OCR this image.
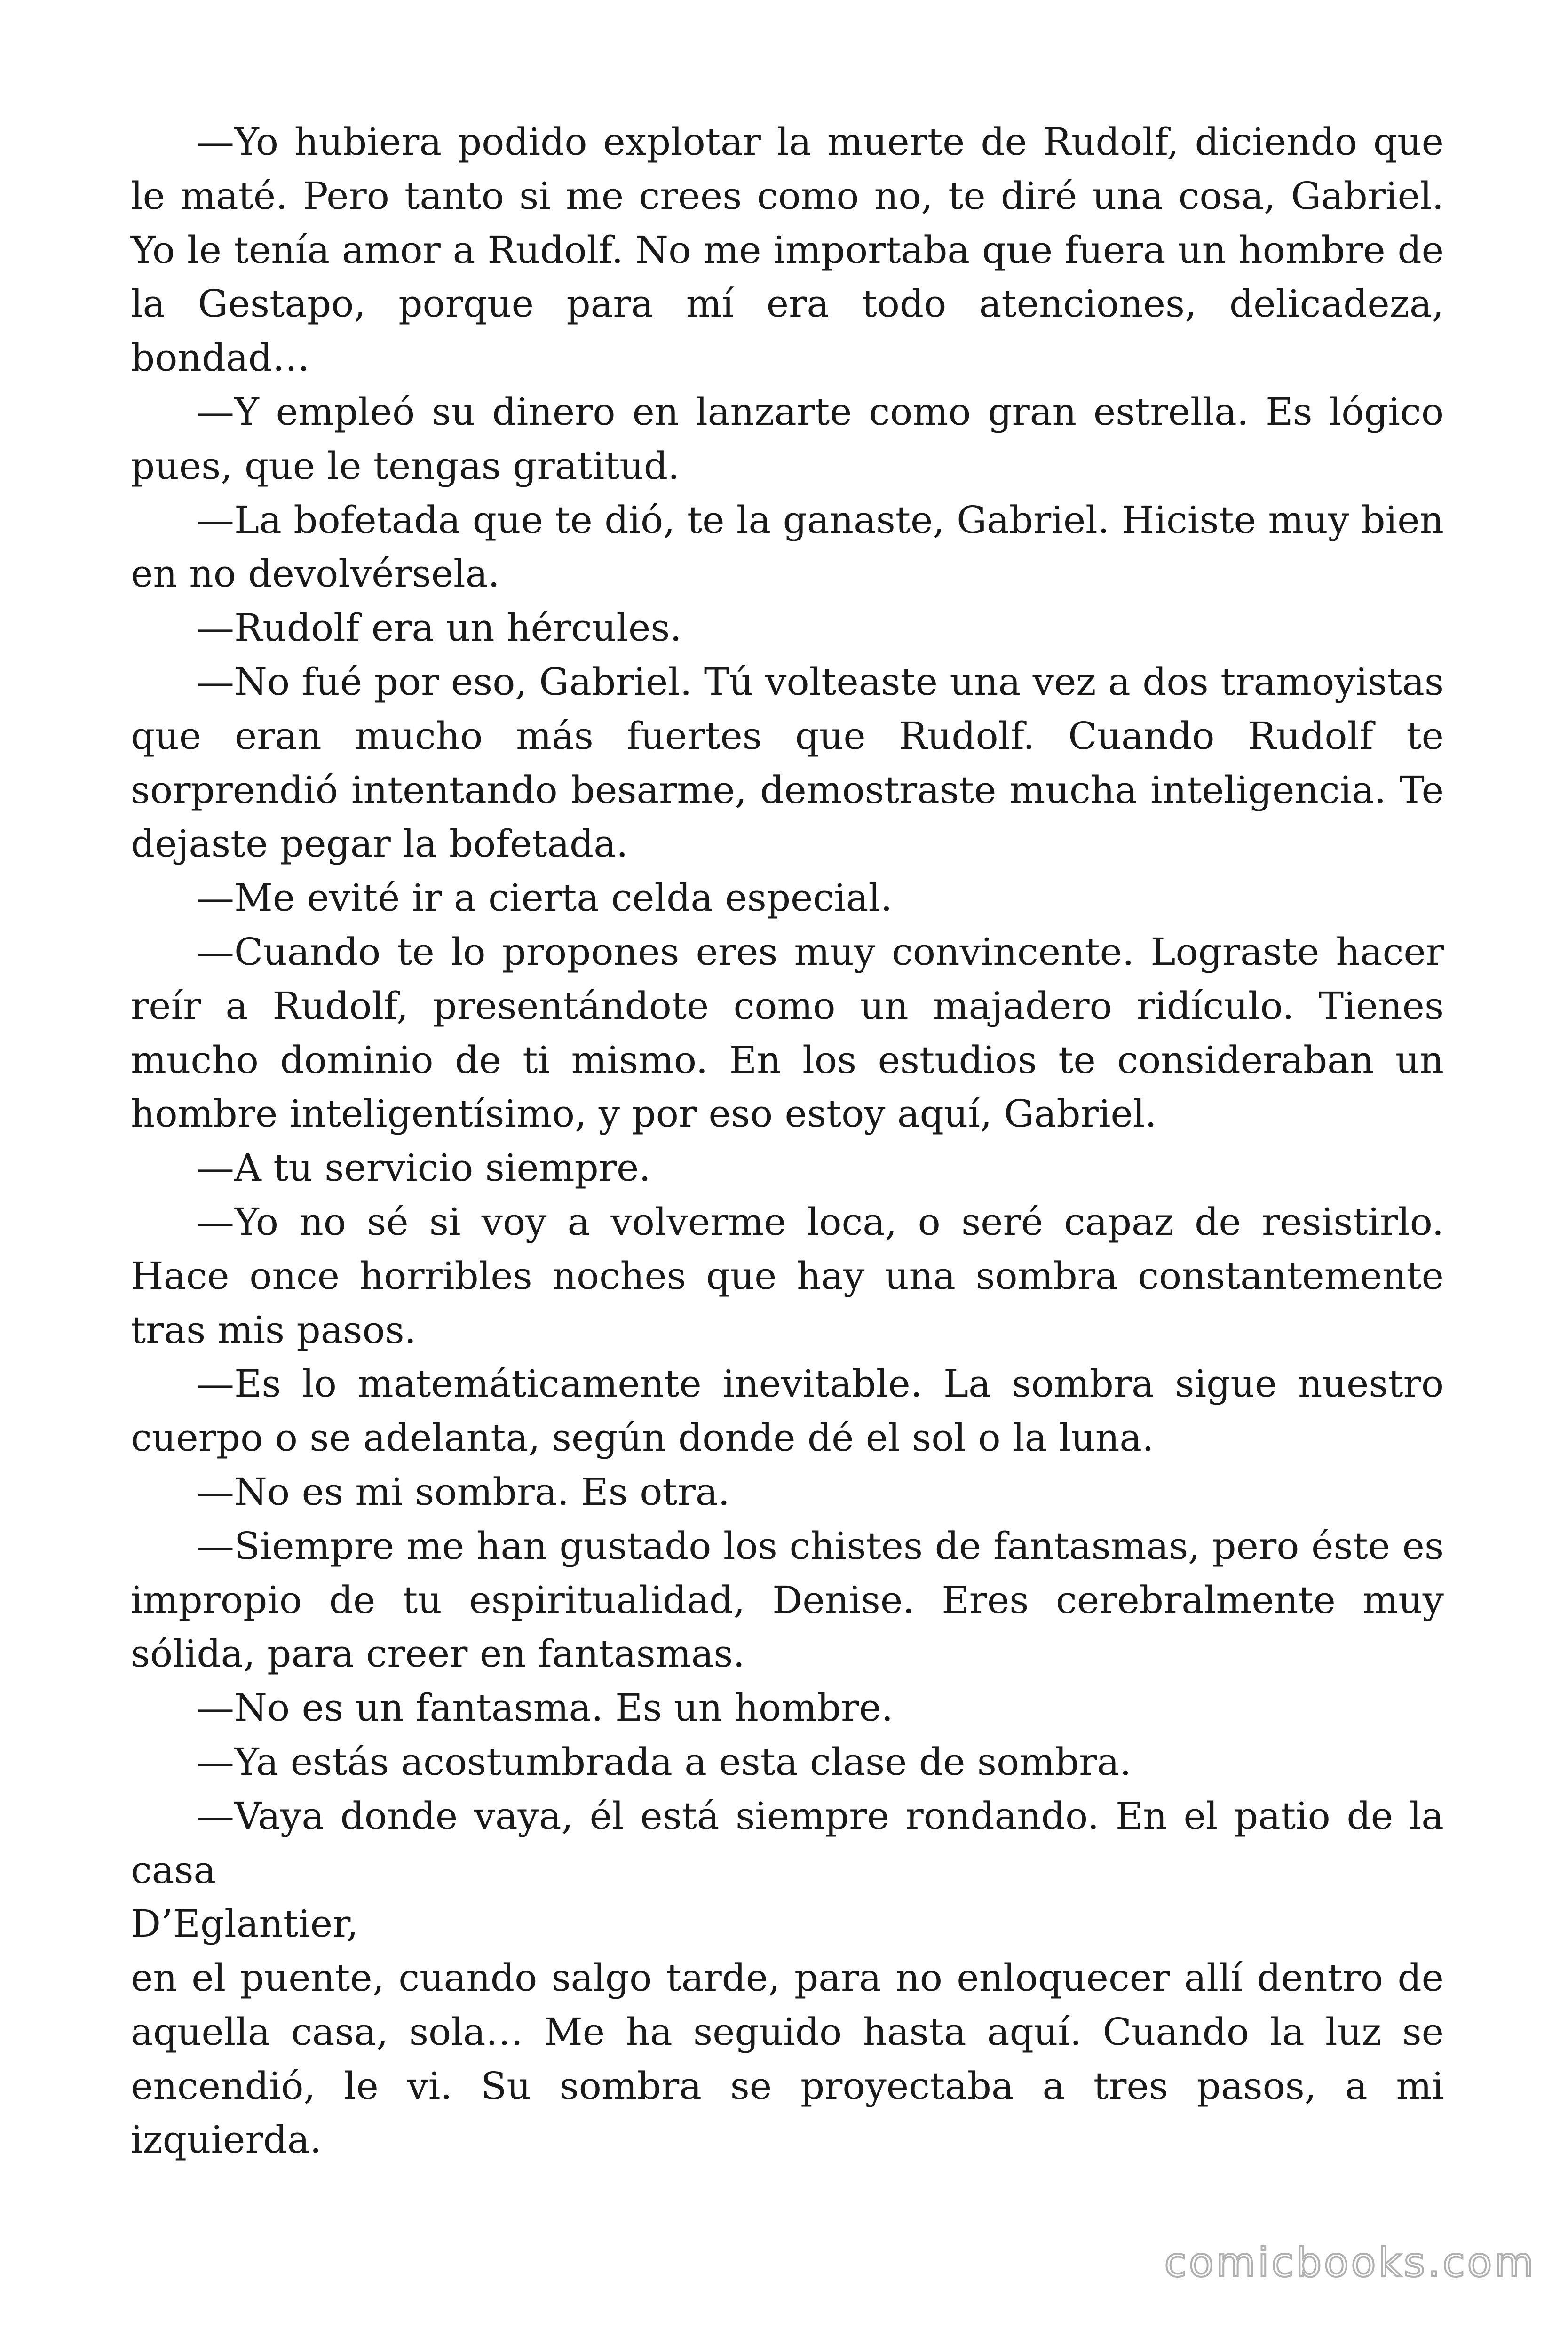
—Yo hubiera podido explotar la muerte de Rudolf, diciendo que le maté. Pero tanto si me crees como no, te diré una cosa, Gabriel. Yo le tenía amor a Rudolf. No me importaba que fuera un hombre de la Gestapo, porque para mí era todo atenciones, delicadeza, bondad…

—Y empleó su dinero en lanzarte como gran estrella. Es lógico pues, que le tengas gratitud.

—La bofetada que te dió, te la ganaste, Gabriel. Hiciste muy bien en no devolvérsela.

—Rudolf era un hércules.

—No fué por eso, Gabriel. Tú volteaste una vez a dos tramoyistas que eran mucho más fuertes que Rudolf. Cuando Rudolf te sorprendió intentando besarme, demostraste mucha inteligencia. Te dejaste pegar la bofetada.

—Me evité ir a cierta celda especial.

—Cuando te lo propones eres muy convincente. Lograste hacer reír a Rudolf, presentándote como un majadero ridículo. Tienes mucho dominio de ti mismo. En los estudios te consideraban un hombre inteligentísimo, y por eso estoy aquí, Gabriel.

—A tu servicio siempre.

—Yo no sé si voy a volverme loca, o seré capaz de resistirlo. Hace once horribles noches que hay una sombra constantemente tras mis pasos.

—Es lo matemáticamente inevitable. La sombra sigue nuestro cuerpo o se adelanta, según donde dé el sol o la luna.

—No es mi sombra. Es otra.

—Siempre me han gustado los chistes de fantasmas, pero éste es impropio de tu espiritualidad, Denise. Eres cerebralmente muy sólida, para creer en fantasmas.

—No es un fantasma. Es un hombre.

—Ya estás acostumbrada a esta clase de sombra.

—Vaya donde vaya, él está siempre rondando. En el patio de la casa

D’Eglantier,

en el puente, cuando salgo tarde, para no enloquecer allí dentro de aquella casa, sola… Me ha seguido hasta aquí. Cuando la luz se encendió, le vi. Su sombra se proyectaba a tres pasos, a mi izquierda.

comicbooks.com
